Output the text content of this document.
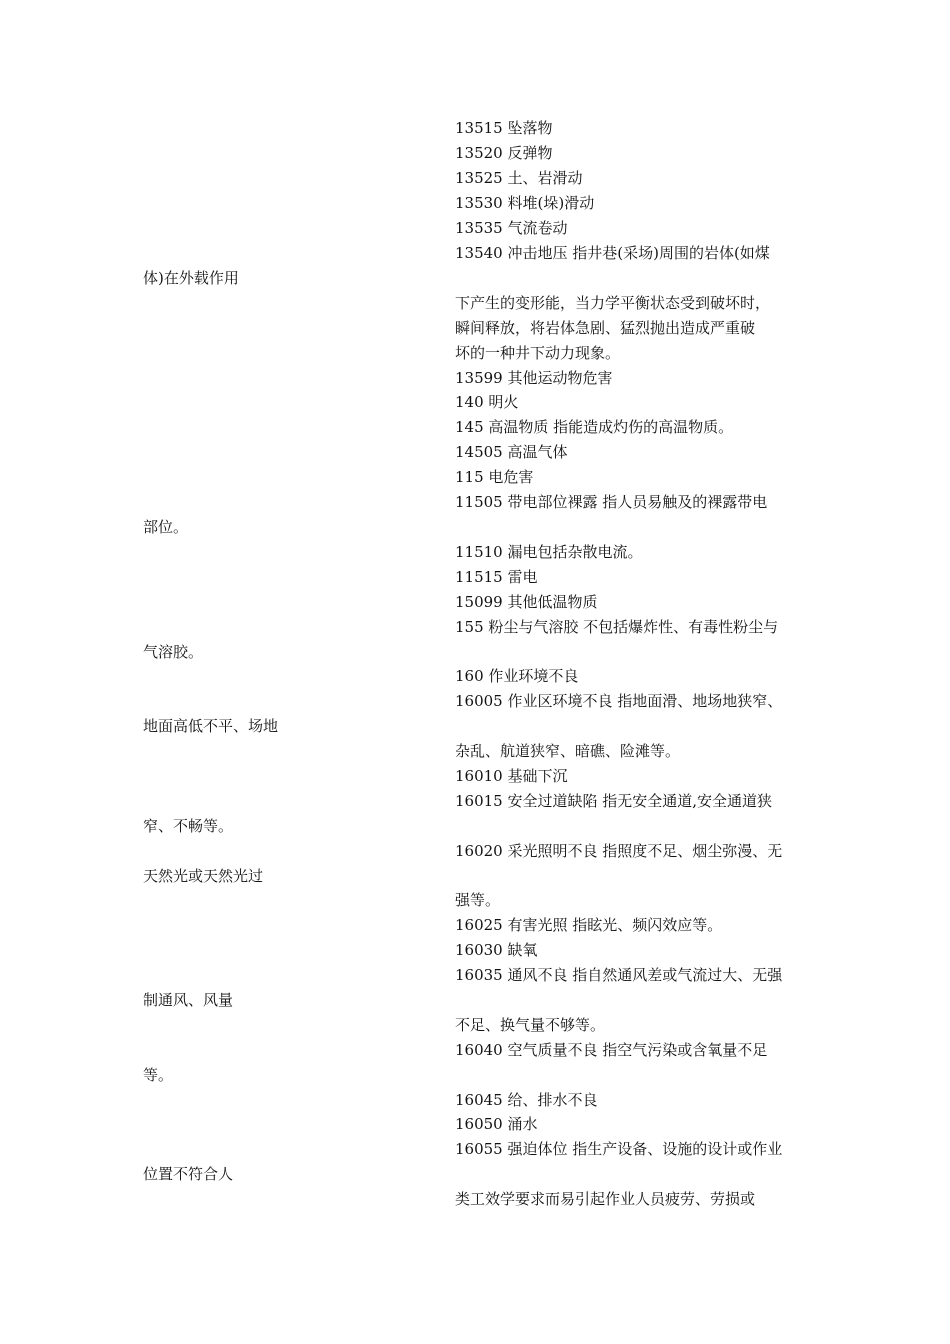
13515 坠落物
13520 反弹物
13525 土、岩滑动
13530 料堆(垛)滑动
13535 气流卷动
13540 冲击地压 指井巷(采场)周围的岩体(如煤
体)在外载作用
下产生的变形能，当力学平衡状态受到破坏时，
瞬间释放，将岩体急剧、猛烈抛出造成严重破
坏的一种井下动力现象。
13599 其他运动物危害
140 明火
145 高温物质 指能造成灼伤的高温物质。
14505 高温气体
115 电危害
11505 带电部位裸露 指人员易触及的裸露带电
部位。
11510 漏电包括杂散电流。
11515 雷电
15099 其他低温物质
155 粉尘与气溶胶 不包括爆炸性、有毒性粉尘与
气溶胶。
160 作业环境不良
16005 作业区环境不良 指地面滑、地场地狭窄、
地面高低不平、场地
杂乱、航道狭窄、暗礁、险滩等。
16010 基础下沉
16015 安全过道缺陷 指无安全通道,安全通道狭
窄、不畅等。
16020 采光照明不良 指照度不足、烟尘弥漫、无
天然光或天然光过
强等。
16025 有害光照 指眩光、频闪效应等。
16030 缺氧
16035 通风不良 指自然通风差或气流过大、无强
制通风、风量
不足、换气量不够等。
16040 空气质量不良 指空气污染或含氧量不足
等。
16045 给、排水不良
16050 涌水
16055 强迫体位 指生产设备、设施的设计或作业
位置不符合人
类工效学要求而易引起作业人员疲劳、劳损或
